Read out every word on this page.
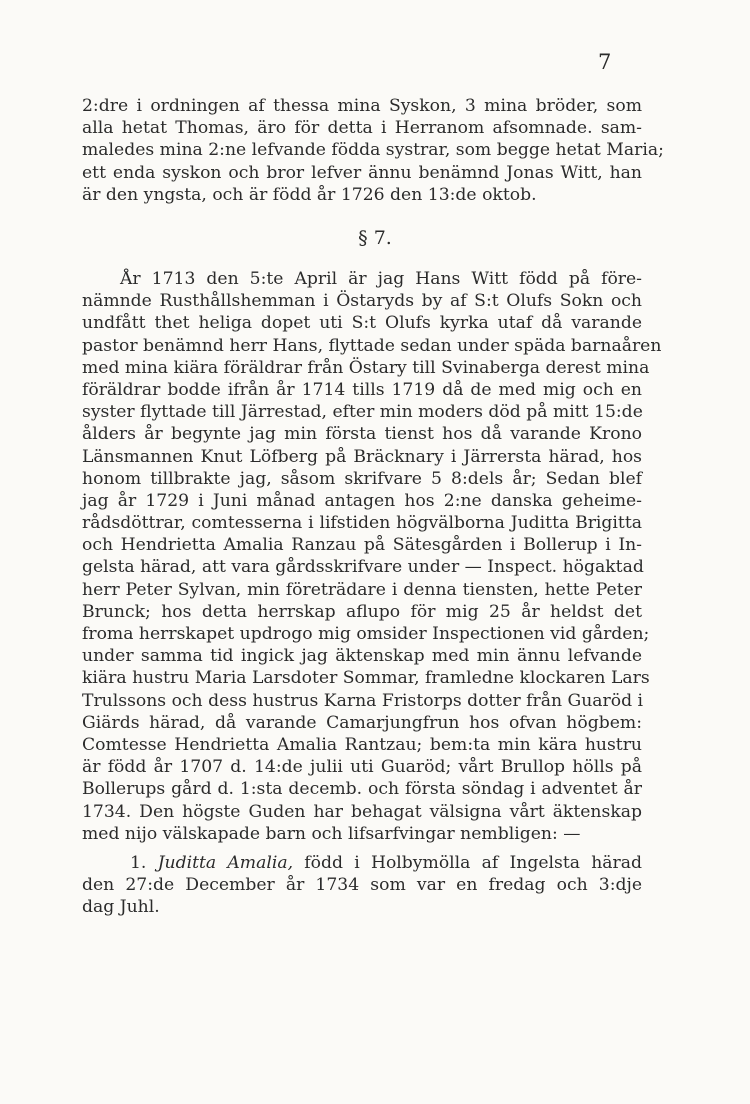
7
2:dre i ordningen af thessa mina Syskon, 3 mina bröder, som
alla hetat Thomas, äro för detta i Herranom afsomnade. sam-
maledes mina 2:ne lefvande födda systrar, som begge hetat Maria;
ett enda syskon och bror lefver ännu benämnd Jonas Witt, han
är den yngsta, och är född år 1726 den 13:de oktob.
§ 7.
År 1713 den 5:te April är jag Hans Witt född på före-
nämnde Rusthållshemman i Östaryds by af S:t Olufs Sokn och
undfått thet heliga dopet uti S:t Olufs kyrka utaf då varande
pastor benämnd herr Hans, flyttade sedan under späda barnaåren
med mina kiära föräldrar från Östary till Svinaberga derest mina
föräldrar bodde ifrån år 1714 tills 1719 då de med mig och en
syster flyttade till Järrestad, efter min moders död på mitt 15:de
ålders år begynte jag min första tienst hos då varande Krono
Länsmannen Knut Löfberg på Bräcknary i Järrersta härad, hos
honom tillbrakte jag, såsom skrifvare 5 8:dels år; Sedan blef
jag år 1729 i Juni månad antagen hos 2:ne danska geheime-
rådsdöttrar, comtesserna i lifstiden högvälborna Juditta Brigitta
och Hendrietta Amalia Ranzau på Sätesgården i Bollerup i In-
gelsta härad, att vara gårdsskrifvare under — Inspect. högaktad
herr Peter Sylvan, min företrädare i denna tiensten, hette Peter
Brunck; hos detta herrskap aflupo för mig 25 år heldst det
froma herrskapet updrogo mig omsider Inspectionen vid gården;
under samma tid ingick jag äktenskap med min ännu lefvande
kiära hustru Maria Larsdoter Sommar, framledne klockaren Lars
Trulssons och dess hustrus Karna Fristorps dotter från Guaröd i
Giärds härad, då varande Camarjungfrun hos ofvan högbem:
Comtesse Hendrietta Amalia Rantzau; bem:ta min kära hustru
är född år 1707 d. 14:de julii uti Guaröd; vårt Brullop hölls på
Bollerups gård d. 1:sta decemb. och första söndag i adventet år
1734. Den högste Guden har behagat välsigna vårt äktenskap
med nijo välskapade barn och lifsarfvingar nembligen: —
1. Juditta Amalia, född i Holbymölla af Ingelsta härad
den 27:de December år 1734 som var en fredag och 3:dje
dag Juhl.
